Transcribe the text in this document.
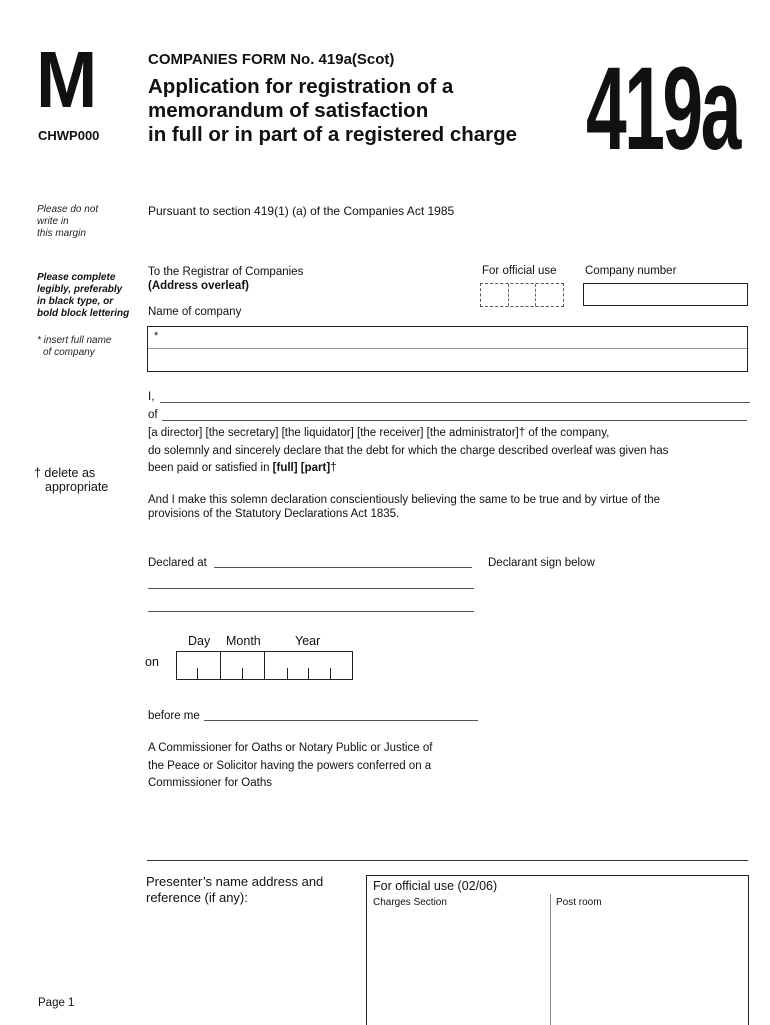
M
CHWP000
COMPANIES FORM No. 419a(Scot)
Application for registration of a
memorandum of satisfaction
in full or in part of a registered charge 419a
Please do not
write in
this margin
Please complete
legibly, preferably
in black type, or
bold block lettering
* insert full name
of company
† delete as
appropriate
Pursuant to section 419(1) (a) of the Companies Act 1985
To the Registrar of Companies
(Address overleaf)
For official use Company number
Name of company
*
I,
of
[a director] [the secretary] [the liquidator] [the receiver] [the administrator]† of the company,
do solemnly and sincerely declare that the debt for which the charge described overleaf was given has
been paid or satisfied in [full] [part]†
And I make this solemn declaration conscientiously believing the same to be true and by virtue of the
provisions of the Statutory Declarations Act 1835.
Declared at	Declarant sign below
Day Month	Year
on
before me
A Commissioner for Oaths or Notary Public or Justice of
the Peace or Solicitor having the powers conferred on a
Commissioner for Oaths
Presenter’s name address and
reference (if any):
For official use (02/06)
Charges Section	Post room
Page 1
